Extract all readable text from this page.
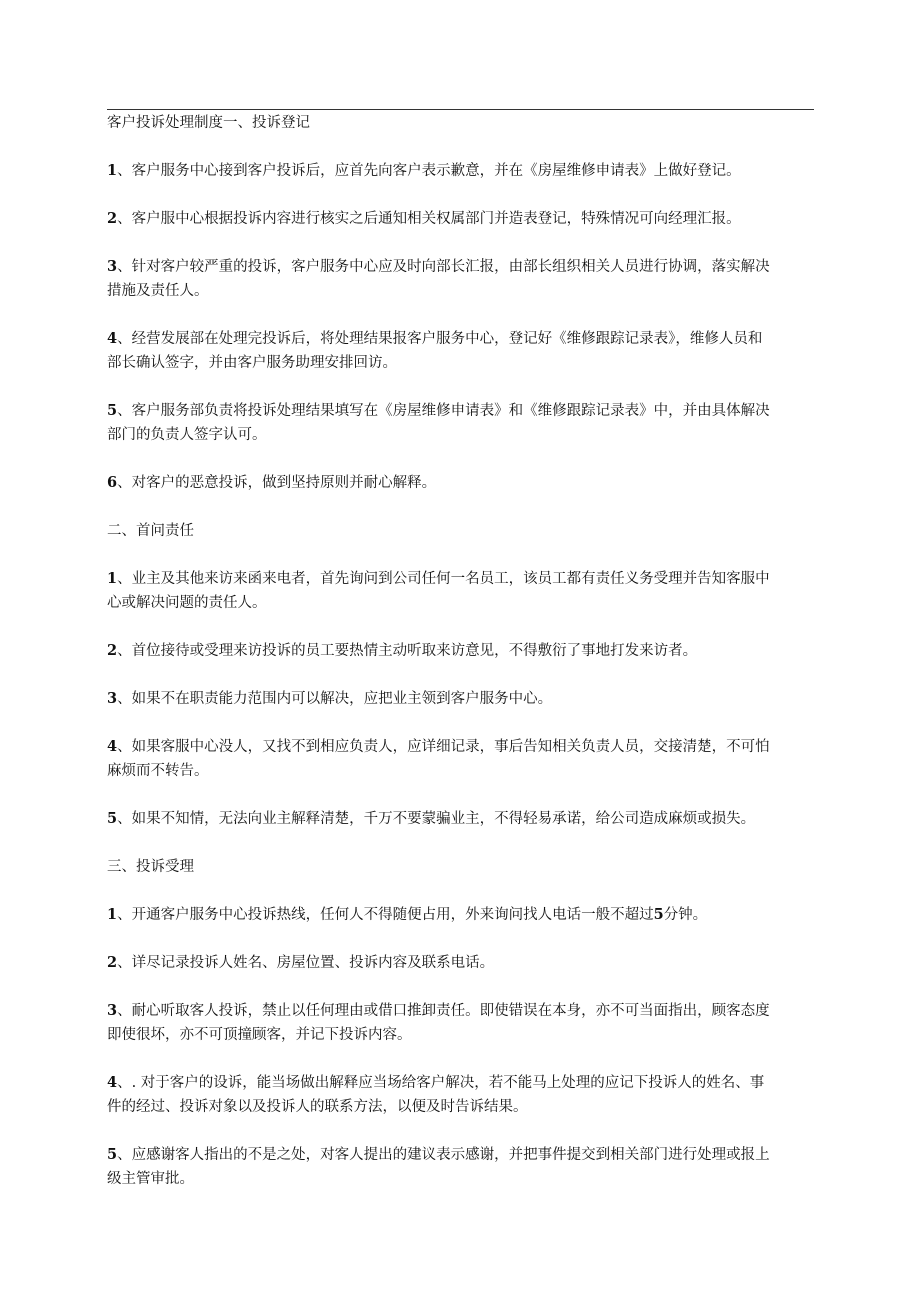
客户投诉处理制度一、投诉登记
1、客户服务中心接到客户投诉后，应首先向客户表示歉意，并在《房屋维修申请表》上做好登记。
2、客户服中心根据投诉内容进行核实之后通知相关权属部门并造表登记，特殊情况可向经理汇报。
3、针对客户较严重的投诉，客户服务中心应及时向部长汇报，由部长组织相关人员进行协调，落实解决
措施及责任人。
4、经营发展部在处理完投诉后，将处理结果报客户服务中心，登记好《维修跟踪记录表》，维修人员和
部长确认签字，并由客户服务助理安排回访。
5、客户服务部负责将投诉处理结果填写在《房屋维修申请表》和《维修跟踪记录表》中，并由具体解决
部门的负责人签字认可。
6、对客户的恶意投诉，做到坚持原则并耐心解释。
二、首问责任
1、业主及其他来访来函来电者，首先询问到公司任何一名员工，该员工都有责任义务受理并告知客服中
心或解决问题的责任人。
2、首位接待或受理来访投诉的员工要热情主动听取来访意见，不得敷衍了事地打发来访者。
3、如果不在职责能力范围内可以解决，应把业主领到客户服务中心。
4、如果客服中心没人，又找不到相应负责人，应详细记录，事后告知相关负责人员，交接清楚，不可怕
麻烦而不转告。
5、如果不知情，无法向业主解释清楚，千万不要蒙骗业主，不得轻易承诺，给公司造成麻烦或损失。
三、投诉受理
1、开通客户服务中心投诉热线，任何人不得随便占用，外来询问找人电话一般不超过5分钟。
2、详尽记录投诉人姓名、房屋位置、投诉内容及联系电话。
3、耐心听取客人投诉，禁止以任何理由或借口推卸责任。即使错误在本身，亦不可当面指出，顾客态度
即使很坏，亦不可顶撞顾客，并记下投诉内容。
4、. 对于客户的设诉，能当场做出解释应当场给客户解决，若不能马上处理的应记下投诉人的姓名、事
件的经过、投诉对象以及投诉人的联系方法，以便及时告诉结果。
5、应感谢客人指出的不是之处，对客人提出的建议表示感谢，并把事件提交到相关部门进行处理或报上
级主管审批。
